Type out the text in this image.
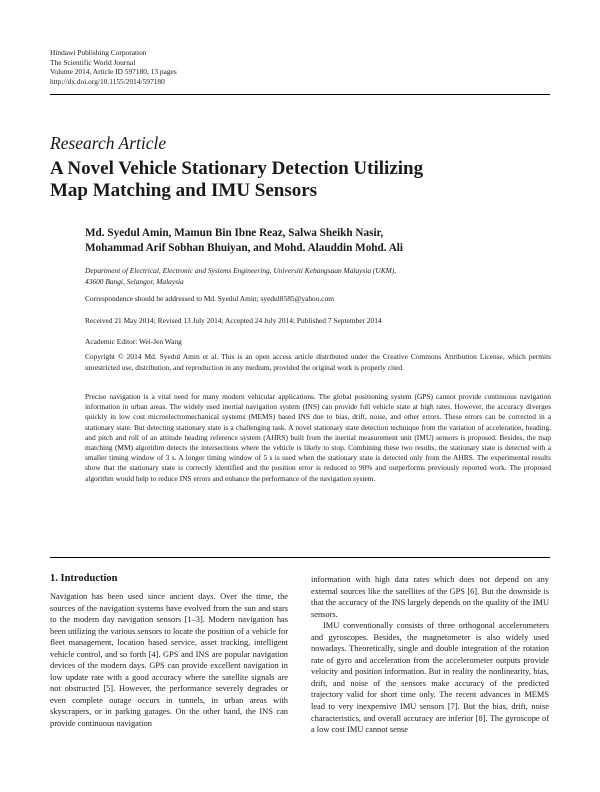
Hindawi Publishing Corporation
The Scientific World Journal
Volume 2014, Article ID 597180, 13 pages
http://dx.doi.org/10.1155/2014/597180
Research Article
A Novel Vehicle Stationary Detection Utilizing
Map Matching and IMU Sensors
Md. Syedul Amin, Mamun Bin Ibne Reaz, Salwa Sheikh Nasir,
Mohammad Arif Sobhan Bhuiyan, and Mohd. Alauddin Mohd. Ali
Department of Electrical, Electronic and Systems Engineering, Universiti Kebangsaan Malaysia (UKM),
43600 Bangi, Selangor, Malaysia
Correspondence should be addressed to Md. Syedul Amin; syedul8585@yahoo.com
Received 21 May 2014; Revised 13 July 2014; Accepted 24 July 2014; Published 7 September 2014
Academic Editor: Wei-Jen Wang
Copyright © 2014 Md. Syedul Amin et al. This is an open access article distributed under the Creative Commons Attribution License, which permits unrestricted use, distribution, and reproduction in any medium, provided the original work is properly cited.
Precise navigation is a vital need for many modern vehicular applications. The global positioning system (GPS) cannot provide continuous navigation information in urban areas. The widely used inertial navigation system (INS) can provide full vehicle state at high rates. However, the accuracy diverges quickly in low cost microelectromechanical systems (MEMS) based INS due to bias, drift, noise, and other errors. These errors can be corrected in a stationary state. But detecting stationary state is a challenging task. A novel stationary state detection technique from the variation of acceleration, heading, and pitch and roll of an attitude heading reference system (AHRS) built from the inertial measurement unit (IMU) sensors is proposed. Besides, the map matching (MM) algorithm detects the intersections where the vehicle is likely to stop. Combining these two results, the stationary state is detected with a smaller timing window of 3 s. A longer timing window of 5 s is used when the stationary state is detected only from the AHRS. The experimental results show that the stationary state is correctly identified and the position error is reduced to 90% and outperforms previously reported work. The proposed algorithm would help to reduce INS errors and enhance the performance of the navigation system.
1. Introduction

Navigation has been used since ancient days. Over the time, the sources of the navigation systems have evolved from the sun and stars to the modern day navigation sensors [1–3]. Modern navigation has been utilizing the various sensors to locate the position of a vehicle for fleet management, location based service, asset tracking, intelligent vehicle control, and so forth [4]. GPS and INS are popular navigation devices of the modern days. GPS can provide excellent navigation in low update rate with a good accuracy where the satellite signals are not obstructed [5]. However, the performance severely degrades or even complete outage occurs in tunnels, in urban areas with skyscrapers, or in parking garages. On the other hand, the INS can provide continuous navigation

information with high data rates which does not depend on any external sources like the satellites of the GPS [6]. But the downside is that the accuracy of the INS largely depends on the quality of the IMU sensors.

IMU conventionally consists of three orthogonal accelerometers and gyroscopes. Besides, the magnetometer is also widely used nowadays. Theoretically, single and double integration of the rotation rate of gyro and acceleration from the accelerometer outputs provide velocity and position information. But in reality the nonlinearity, bias, drift, and noise of the sensors make accuracy of the predicted trajectory valid for short time only. The recent advances in MEMS lead to very inexpensive IMU sensors [7]. But the bias, drift, noise characteristics, and overall accuracy are inferior [8]. The gyroscope of a low cost IMU cannot sense
